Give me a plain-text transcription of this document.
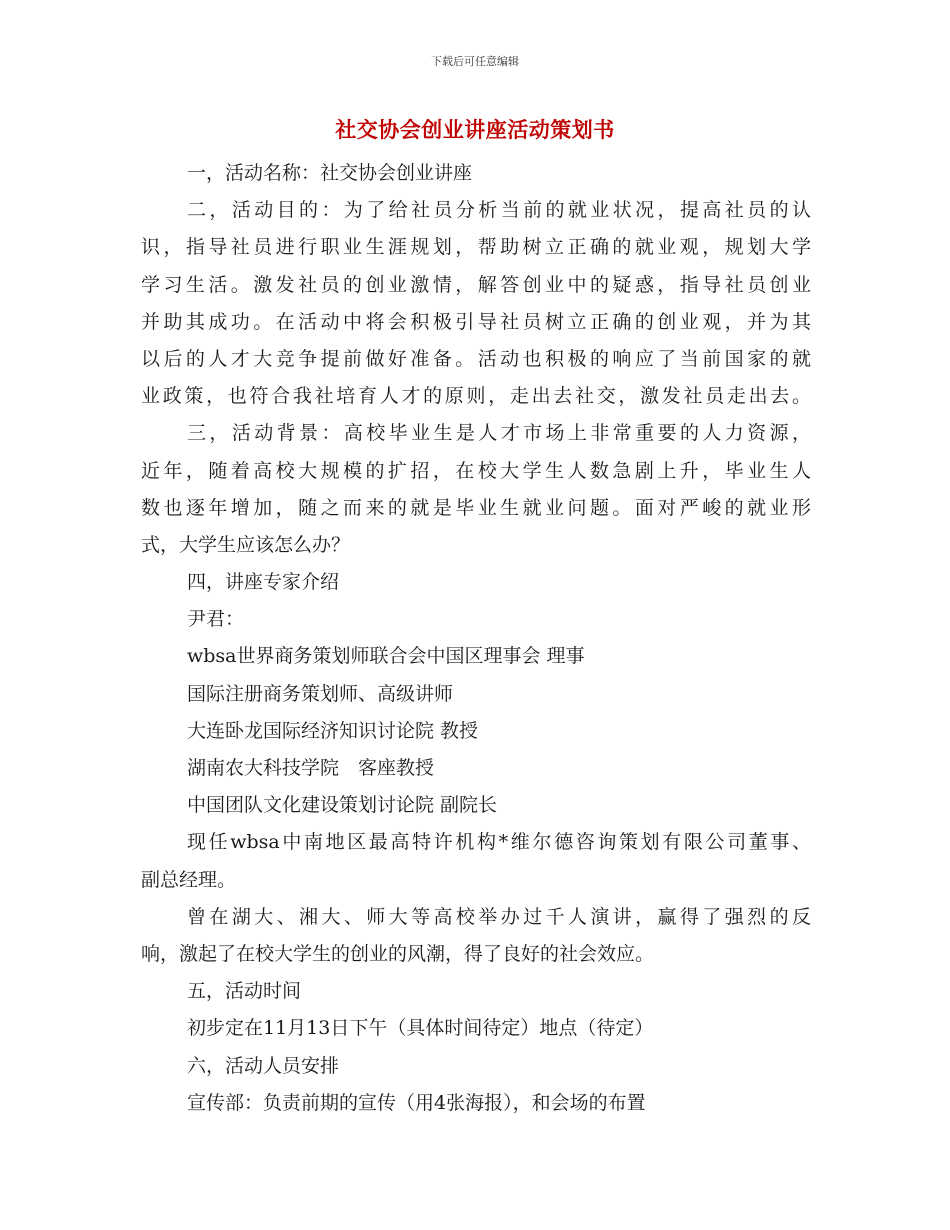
下载后可任意编辑
社交协会创业讲座活动策划书
一，活动名称：社交协会创业讲座
二，活动目的：为了给社员分析当前的就业状况，提高社员的认
识，指导社员进行职业生涯规划，帮助树立正确的就业观，规划大学
学习生活。激发社员的创业激情，解答创业中的疑惑，指导社员创业
并助其成功。在活动中将会积极引导社员树立正确的创业观，并为其
以后的人才大竞争提前做好准备。活动也积极的响应了当前国家的就
业政策，也符合我社培育人才的原则，走出去社交，激发社员走出去。
三，活动背景：高校毕业生是人才市场上非常重要的人力资源，
近年，随着高校大规模的扩招，在校大学生人数急剧上升，毕业生人
数也逐年增加，随之而来的就是毕业生就业问题。面对严峻的就业形
式，大学生应该怎么办？
四，讲座专家介绍
尹君：
wbsa世界商务策划师联合会中国区理事会 理事
国际注册商务策划师、高级讲师
大连卧龙国际经济知识讨论院 教授
湖南农大科技学院　客座教授
中国团队文化建设策划讨论院 副院长
现任wbsa中南地区最高特许机构*维尔德咨询策划有限公司董事、
副总经理。
曾在湖大、湘大、师大等高校举办过千人演讲，赢得了强烈的反
响，激起了在校大学生的创业的风潮，得了良好的社会效应。
五，活动时间
初步定在11月13日下午（具体时间待定）地点（待定）
六，活动人员安排
宣传部：负责前期的宣传（用4张海报），和会场的布置
